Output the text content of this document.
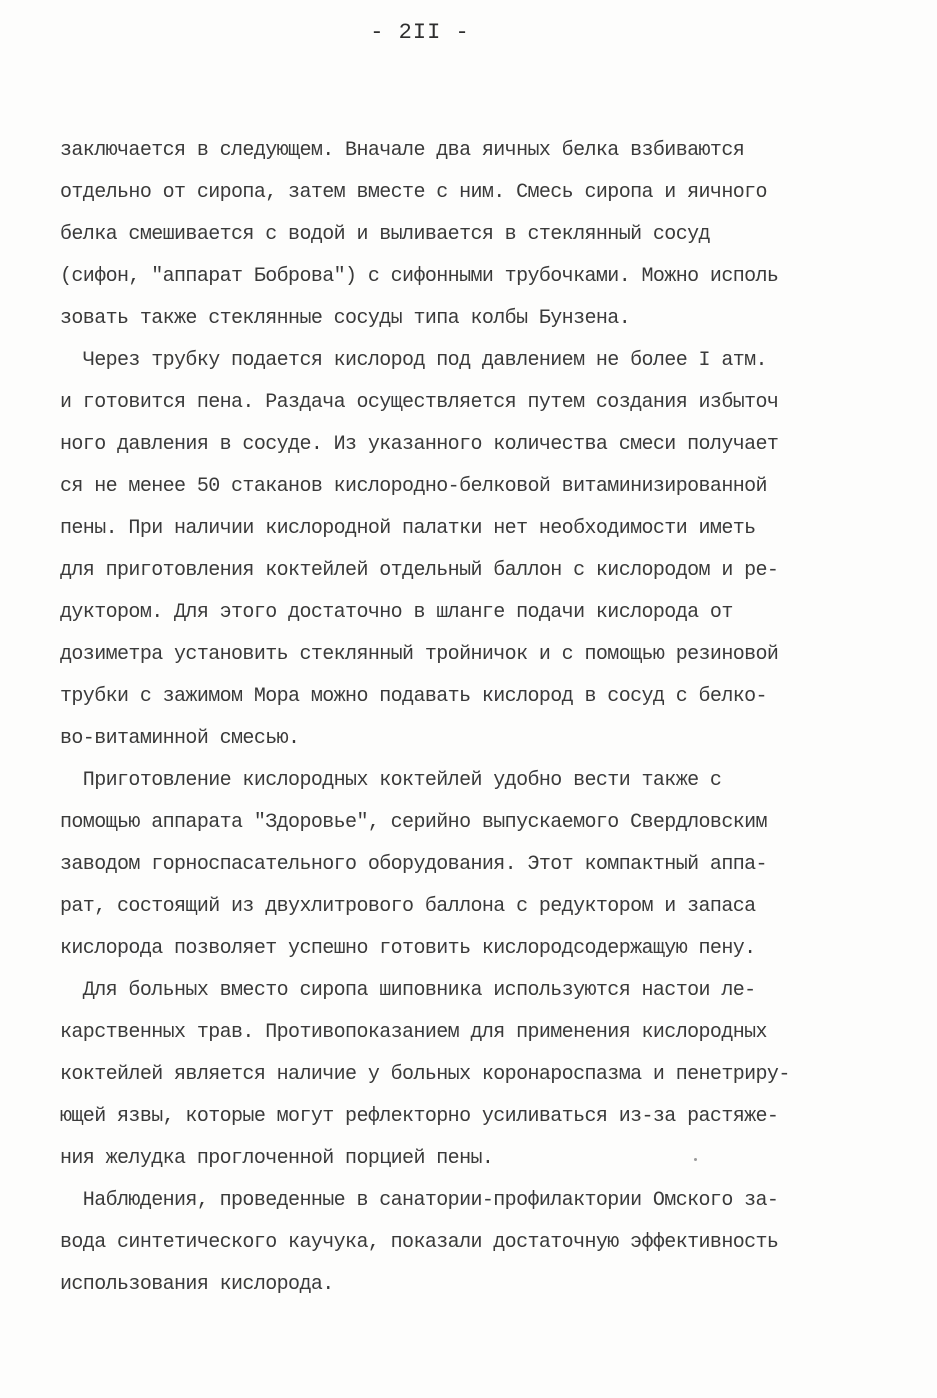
- 2II -
заключается в следующем. Вначале два яичных белка взбиваются
отдельно от сиропа, затем вместе с ним. Смесь сиропа и яичного
белка смешивается с водой и выливается в стеклянный сосуд
(сифон, "аппарат Боброва") с сифонными трубочками. Можно исполь
зовать также стеклянные сосуды типа колбы Бунзена.
Через трубку подается кислород под давлением не более I атм.
и готовится пена. Раздача осуществляется путем создания избыточ
ного давления в сосуде. Из указанного количества смеси получает
ся не менее 50 стаканов кислородно-белковой витаминизированной
пены. При наличии кислородной палатки нет необходимости иметь
для приготовления коктейлей отдельный баллон с кислородом и ре-
дуктором. Для этого достаточно в шланге подачи кислорода от
дозиметра установить стеклянный тройничок и с помощью резиновой
трубки с зажимом Мора можно подавать кислород в сосуд с белко-
во-витаминной смесью.
Приготовление кислородных коктейлей удобно вести также с
помощью аппарата "Здоровье", серийно выпускаемого Свердловским
заводом горноспасательного оборудования. Этот компактный аппа-
рат, состоящий из двухлитрового баллона с редуктором и запаса
кислорода позволяет успешно готовить кислородсодержащую пену.
Для больных вместо сиропа шиповника используются настои ле-
карственных трав. Противопоказанием для применения кислородных
коктейлей является наличие у больных коронароспазма и пенетриру-
ющей язвы, которые могут рефлекторно усиливаться из-за растяже-
ния желудка проглоченной порцией пены.
Наблюдения, проведенные в санатории-профилактории Омского за-
вода синтетического каучука, показали достаточную эффективность
использования кислорода.
